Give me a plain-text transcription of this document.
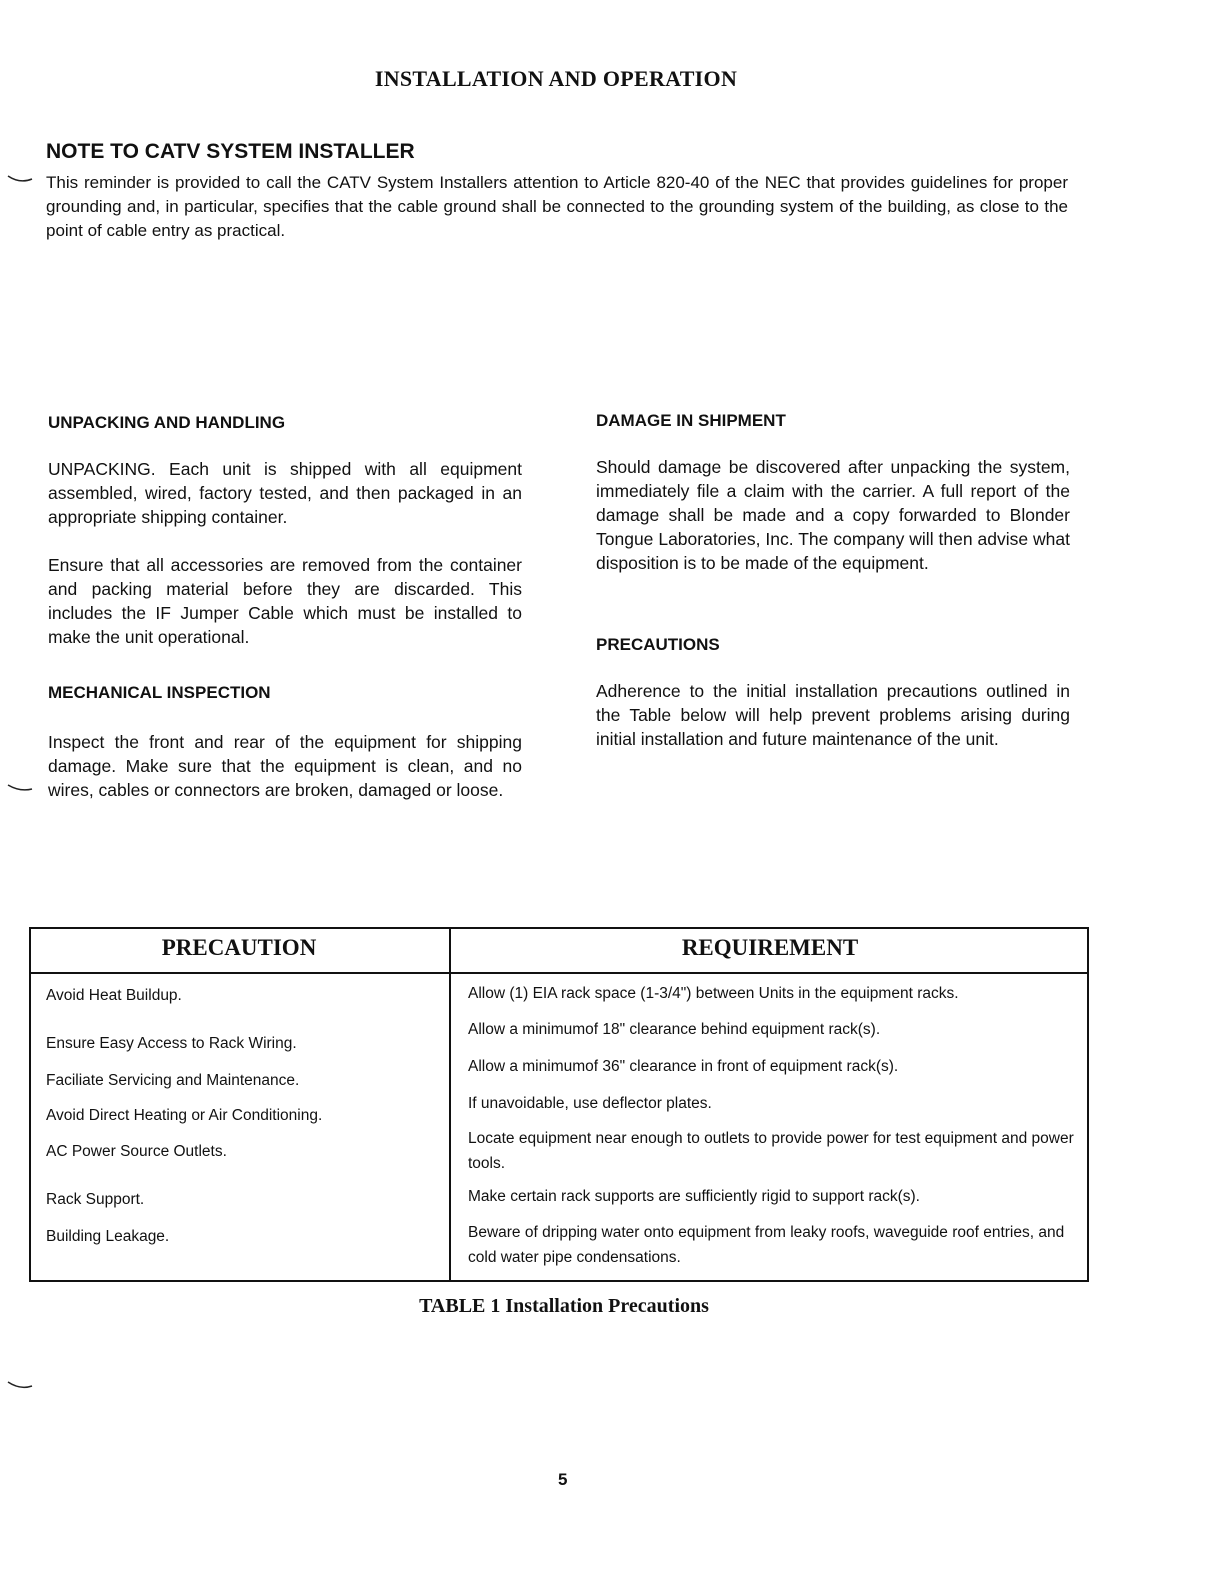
INSTALLATION AND OPERATION
NOTE TO CATV SYSTEM INSTALLER
This reminder is provided to call the CATV System Installers attention to Article 820-40 of the NEC that provides guidelines for proper grounding and, in particular, specifies that the cable ground shall be connected to the grounding system of the building, as close to the point of cable entry as practical.
UNPACKING AND HANDLING
UNPACKING. Each unit is shipped with all equipment assembled, wired, factory tested, and then packaged in an appropriate shipping container.
Ensure that all accessories are removed from the container and packing material before they are discarded. This includes the IF Jumper Cable which must be installed to make the unit operational.
MECHANICAL INSPECTION
Inspect the front and rear of the equipment for shipping damage. Make sure that the equipment is clean, and no wires, cables or connectors are broken, damaged or loose.
DAMAGE IN SHIPMENT
Should damage be discovered after unpacking the system, immediately file a claim with the carrier. A full report of the damage shall be made and a copy forwarded to Blonder Tongue Laboratories, Inc. The company will then advise what disposition is to be made of the equipment.
PRECAUTIONS
Adherence to the initial installation precautions outlined in the Table below will help prevent problems arising during initial installation and future maintenance of the unit.
PRECAUTION	REQUIREMENT
Avoid Heat Buildup.
Ensure Easy Access to Rack Wiring.
Faciliate Servicing and Maintenance.
Avoid Direct Heating or Air Conditioning.
AC Power Source Outlets.
Rack Support.
Building Leakage.
Allow (1) EIA rack space (1-3/4") between Units in the equipment racks.
Allow a minimumof 18" clearance behind equipment rack(s).
Allow a minimumof 36" clearance in front of equipment rack(s).
If unavoidable, use deflector plates.
Locate equipment near enough to outlets to provide power for test equipment and power tools.
Make certain rack supports are sufficiently rigid to support rack(s).
Beware of dripping water onto equipment from leaky roofs, waveguide roof entries, and cold water pipe condensations.
TABLE 1 Installation Precautions
5
